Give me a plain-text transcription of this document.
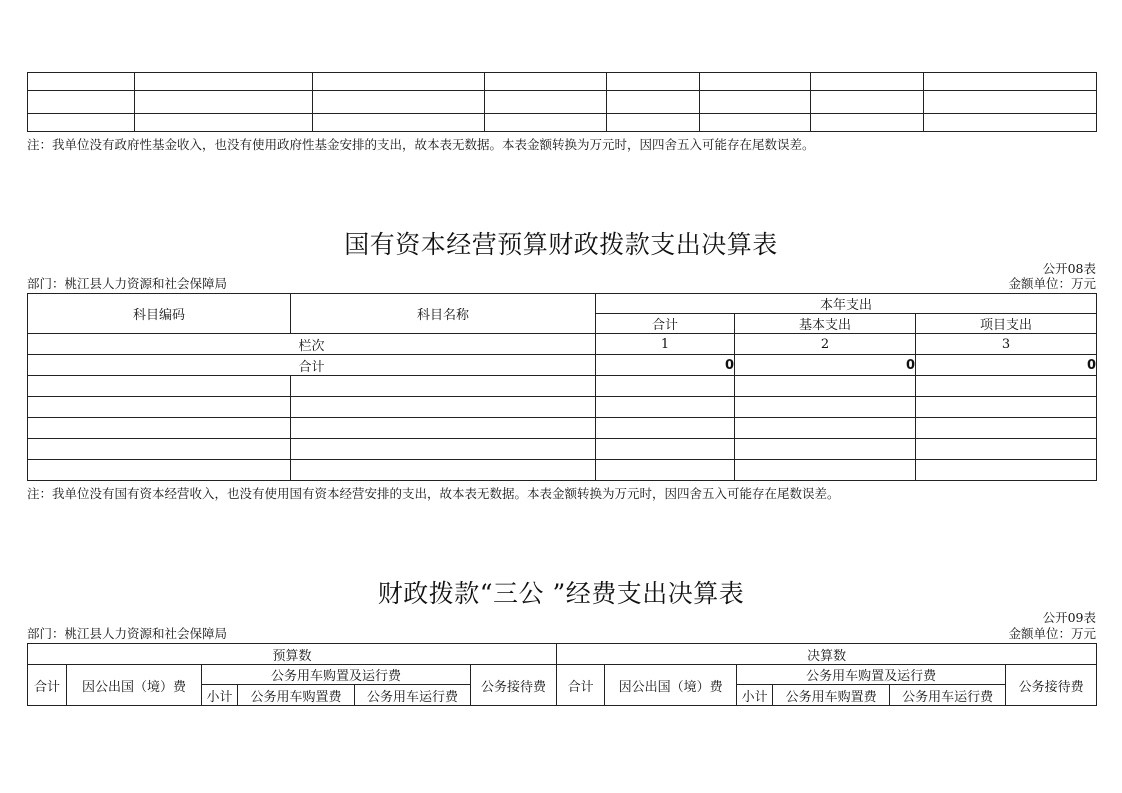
注：我单位没有政府性基金收入，也没有使用政府性基金安排的支出，故本表无数据。本表金额转换为万元时，因四舍五入可能存在尾数误差。
国有资本经营预算财政拨款支出决算表
公开08表
部门：桃江县人力资源和社会保障局	金额单位：万元
科目编码	科目名称	本年支出		
		合计	基本支出	项目支出
栏次		1	2	3
合计		0	0	0

注：我单位没有国有资本经营收入，也没有使用国有资本经营安排的支出，故本表无数据。本表金额转换为万元时，因四舍五入可能存在尾数误差。
财政拨款“三公 ”经费支出决算表
公开09表
部门：桃江县人力资源和社会保障局	金额单位：万元
预算数						决算数					
合计	因公出国（境）费	公务用车购置及运行费			公务接待费	合计	因公出国（境）费	公务用车购置及运行费			公务接待费
		小计	公务用车购置费	公务用车运行费				小计	公务用车购置费	公务用车运行费	
